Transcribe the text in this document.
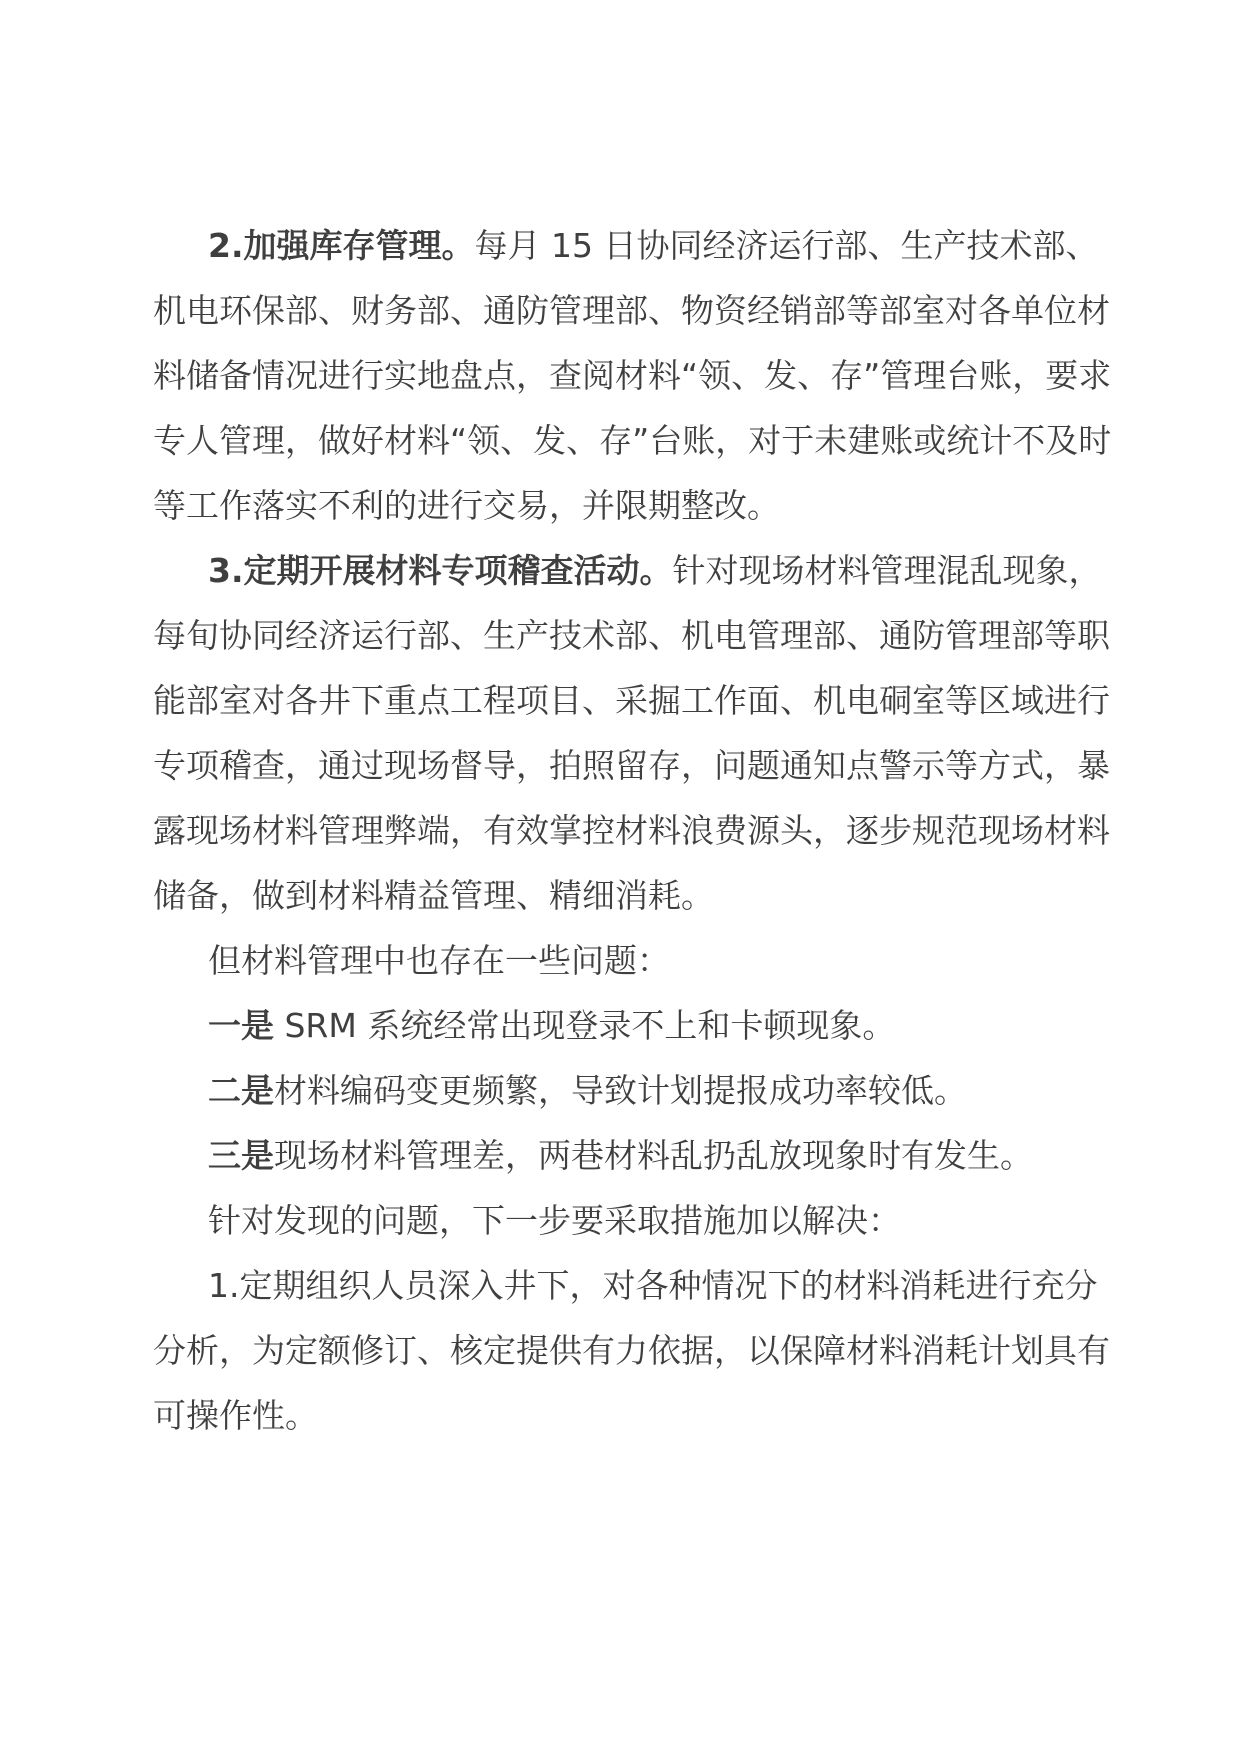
2.加强库存管理。每月 15 日协同经济运行部、生产技术部、机电环保部、财务部、通防管理部、物资经销部等部室对各单位材料储备情况进行实地盘点，查阅材料“领、发、存”管理台账，要求专人管理，做好材料“领、发、存”台账，对于未建账或统计不及时等工作落实不利的进行交易，并限期整改。

3.定期开展材料专项稽查活动。针对现场材料管理混乱现象，每旬协同经济运行部、生产技术部、机电管理部、通防管理部等职能部室对各井下重点工程项目、采掘工作面、机电硐室等区域进行专项稽查，通过现场督导，拍照留存，问题通知点警示等方式，暴露现场材料管理弊端，有效掌控材料浪费源头，逐步规范现场材料储备，做到材料精益管理、精细消耗。

但材料管理中也存在一些问题：

一是 SRM 系统经常出现登录不上和卡顿现象。

二是材料编码变更频繁，导致计划提报成功率较低。

三是现场材料管理差，两巷材料乱扔乱放现象时有发生。

针对发现的问题，下一步要采取措施加以解决：

1.定期组织人员深入井下，对各种情况下的材料消耗进行充分分析，为定额修订、核定提供有力依据，以保障材料消耗计划具有可操作性。
